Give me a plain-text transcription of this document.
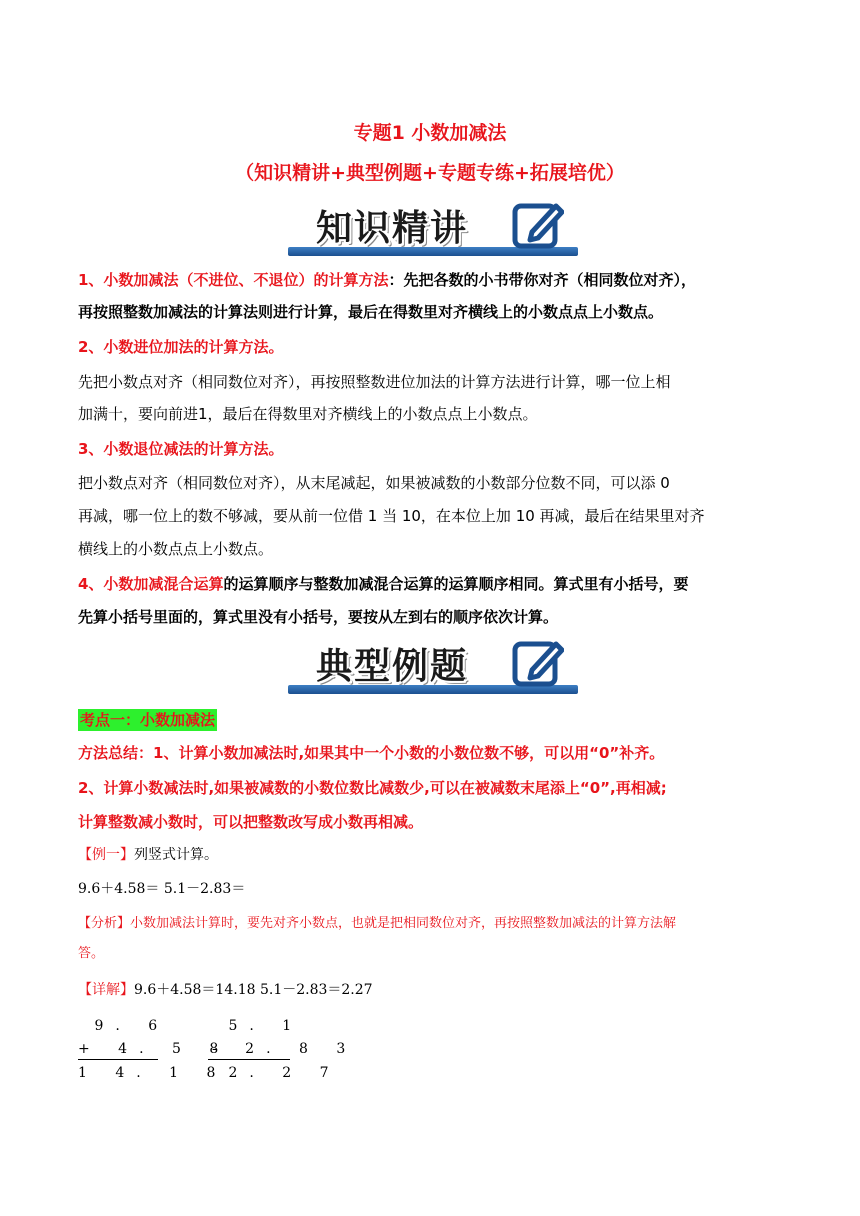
专题1 小数加减法
（知识精讲+典型例题+专题专练+拓展培优）
知识精讲
1、小数加减法（不进位、不退位）的计算方法：先把各数的小书带你对齐（相同数位对齐），
再按照整数加减法的计算法则进行计算，最后在得数里对齐横线上的小数点点上小数点。
2、小数进位加法的计算方法。
先把小数点对齐（相同数位对齐），再按照整数进位加法的计算方法进行计算，哪一位上相
加满十，要向前进1，最后在得数里对齐横线上的小数点点上小数点。
3、小数退位减法的计算方法。
把小数点对齐（相同数位对齐），从末尾减起，如果被减数的小数部分位数不同，可以添 0
再减，哪一位上的数不够减，要从前一位借 1 当 10，在本位上加 10 再减，最后在结果里对齐
横线上的小数点点上小数点。
4、小数加减混合运算的运算顺序与整数加减混合运算的运算顺序相同。算式里有小括号，要
先算小括号里面的，算式里没有小括号，要按从左到右的顺序依次计算。
典型例题
考点一：小数加减法
方法总结：1、计算小数加减法时,如果其中一个小数的小数位数不够，可以用“0”补齐。
2、计算小数减法时,如果被减数的小数位数比减数少,可以在被减数末尾添上“0”,再相减;
计算整数减小数时，可以把整数改写成小数再相减。
【例一】列竖式计算。
9.6＋4.58＝ 5.1－2.83＝
【分析】小数加减法计算时，要先对齐小数点，也就是把相同数位对齐，再按照整数加减法的计算方法解
答。
【详解】9.6＋4.58＝14.18 5.1－2.83＝2.27
9. 6
+ 4. 5 8
1 4. 1 8
5. 1
- 2. 8 3
2. 2 7
